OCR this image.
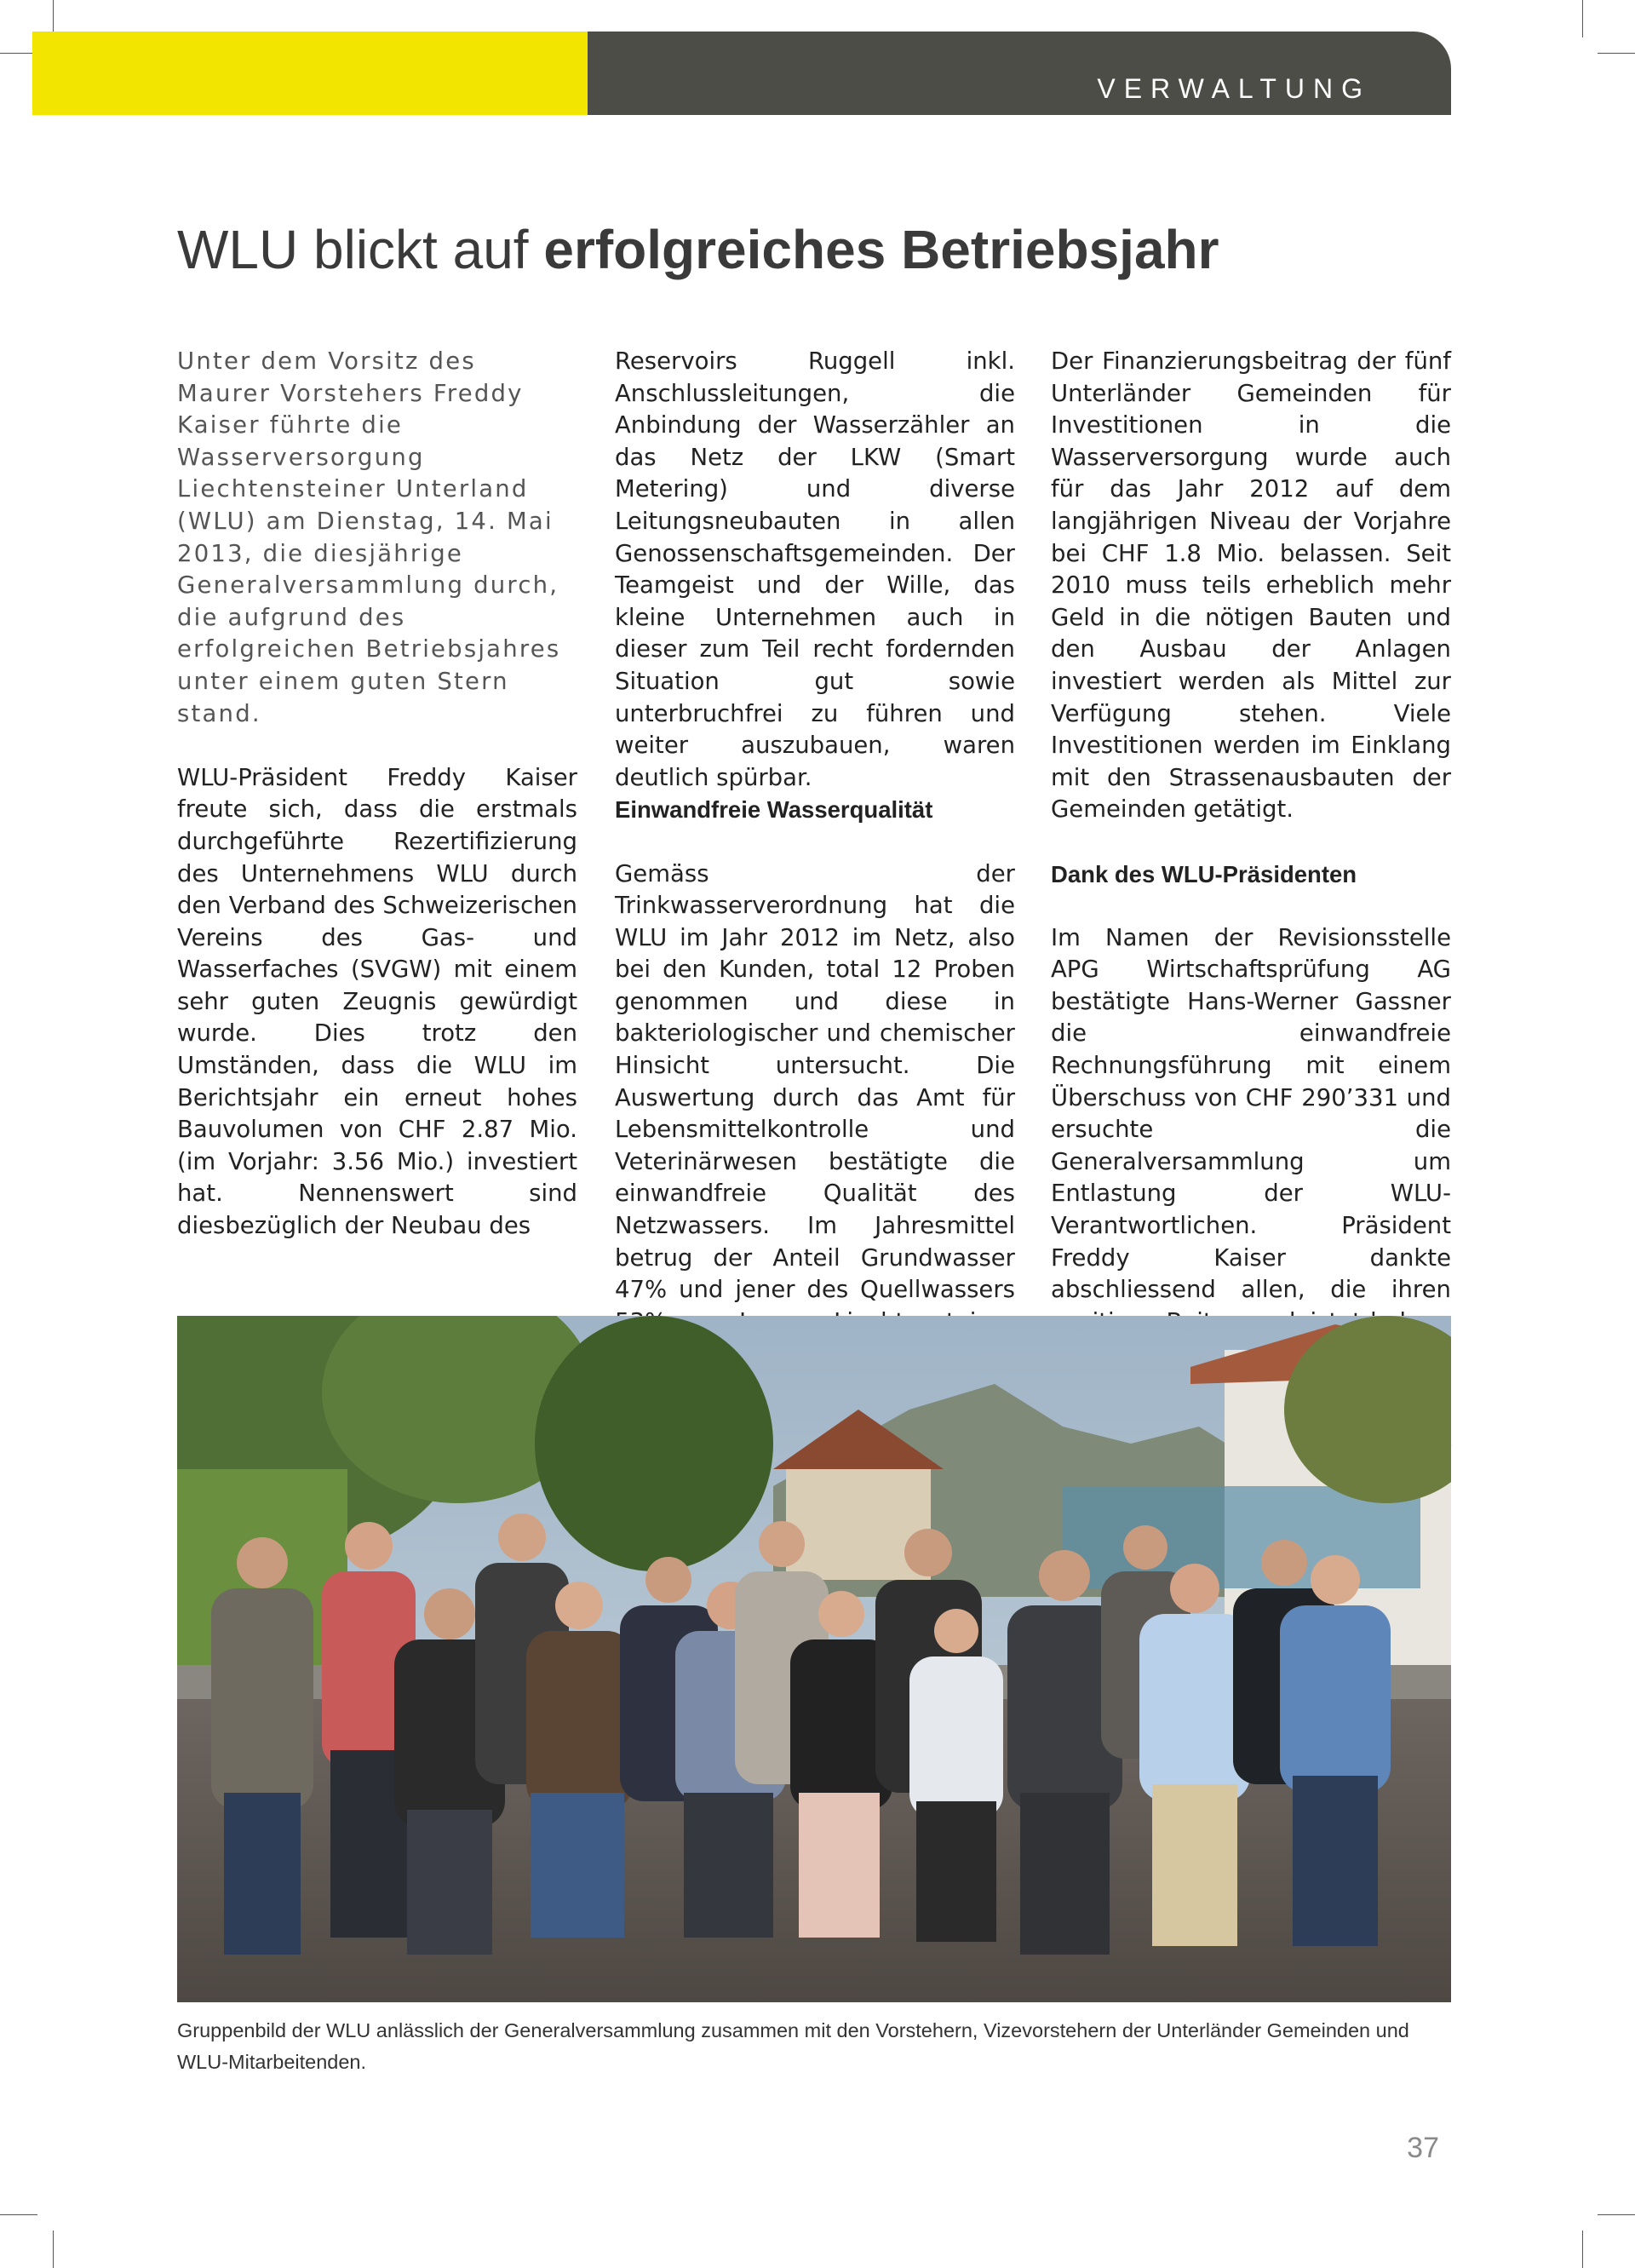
VERWALTUNG
WLU blickt auf erfolgreiches Betriebsjahr

Unter dem Vorsitz des Maurer Vorstehers Freddy Kaiser führte die Wasserversorgung Liechtensteiner Unterland (WLU) am Dienstag, 14. Mai 2013, die diesjährige Generalversammlung durch, die aufgrund des erfolgreichen Betriebsjahres unter einem guten Stern stand.

WLU-Präsident Freddy Kaiser freute sich, dass die erstmals durchgeführte Rezertifizierung des Unternehmens WLU durch den Verband des Schweizerischen Vereins des Gas- und Wasserfaches (SVGW) mit einem sehr guten Zeugnis gewürdigt wurde. Dies trotz den Umständen, dass die WLU im Berichtsjahr ein erneut hohes Bauvolumen von CHF 2.87 Mio. (im Vorjahr: 3.56 Mio.) investiert hat. Nennenswert sind diesbezüglich der Neubau des

Reservoirs Ruggell inkl. Anschlussleitungen, die Anbindung der Wasserzähler an das Netz der LKW (Smart Metering) und diverse Leitungsneubauten in allen Genossenschaftsgemeinden. Der Teamgeist und der Wille, das kleine Unternehmen auch in dieser zum Teil recht fordernden Situation gut sowie unterbruchfrei zu führen und weiter auszubauen, waren deutlich spürbar.

Einwandfreie Wasserqualität

Gemäss der Trinkwasserverordnung hat die WLU im Jahr 2012 im Netz, also bei den Kunden, total 12 Proben genommen und diese in bakteriologischer und chemischer Hinsicht untersucht. Die Auswertung durch das Amt für Lebensmittelkontrolle und Veterinärwesen bestätigte die einwandfreie Qualität des Netzwassers. Im Jahresmittel betrug der Anteil Grundwasser 47% und jener des Quellwassers

Der Finanzierungsbeitrag der fünf Unterländer Gemeinden für Investitionen in die Wasserversorgung wurde auch für das Jahr 2012 auf dem langjährigen Niveau der Vorjahre bei CHF 1.8 Mio. belassen. Seit 2010 muss teils erheblich mehr Geld in die nötigen Bauten und den Ausbau der Anlagen investiert werden als Mittel zur Verfügung stehen. Viele Investitionen werden im Einklang mit den Strassenausbauten der Gemeinden getätigt.

Dank des WLU-Präsidenten

Im Namen der Revisionsstelle APG Wirtschaftsprüfung AG bestätigte Hans-Werner Gassner die einwandfreie Rechnungsführung mit einem Überschuss von CHF 290’331 und ersuchte die Generalversammlung um Entlastung der WLU-Verantwortlichen. Präsident Freddy Kaiser dankte abschliessend allen, die ihren

Gruppenbild der WLU anlässlich der Generalversammlung zusammen mit den Vorstehern, Vizevorstehern der Unterländer Gemeinden und WLU-Mitarbeitenden.
37
